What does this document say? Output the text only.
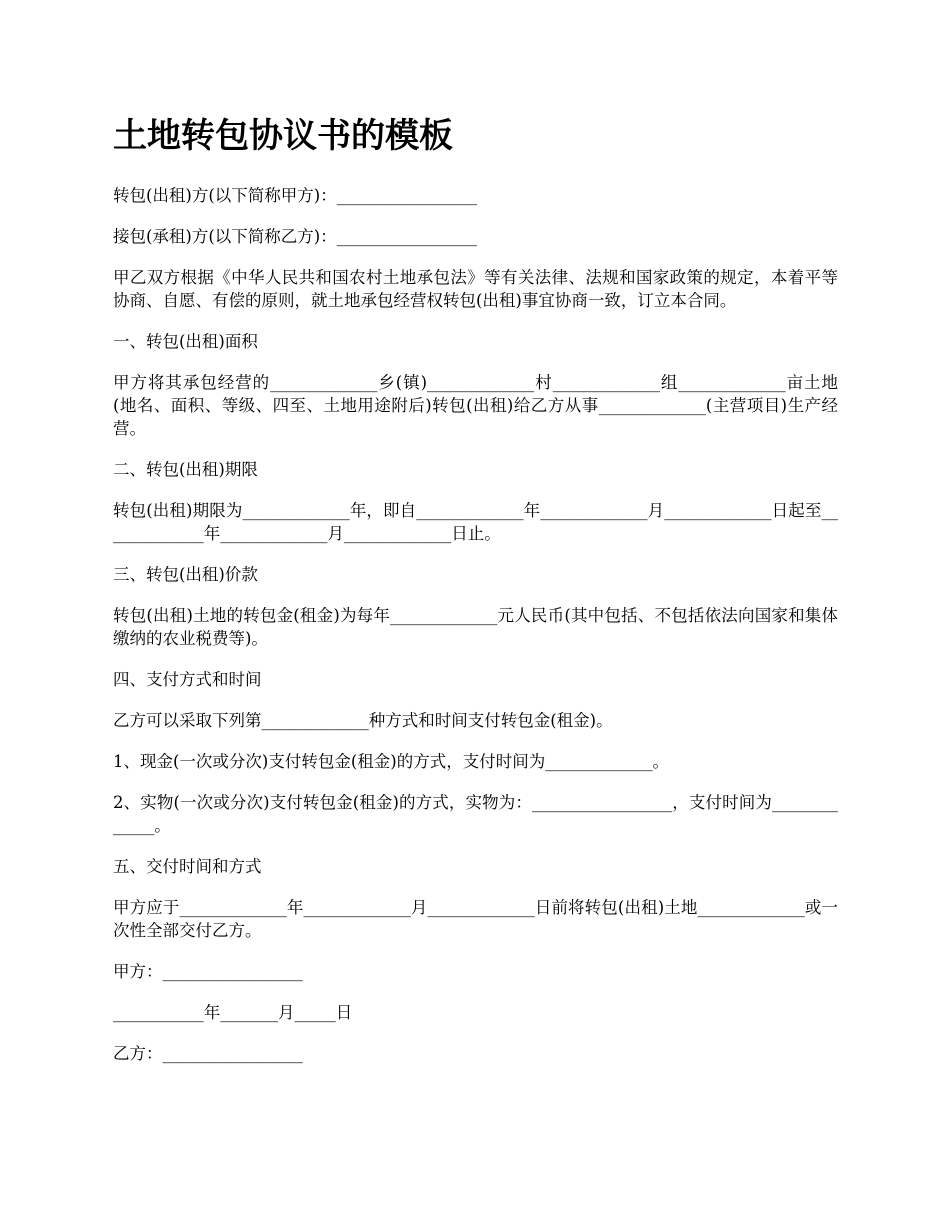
土地转包协议书的模板

转包(出租)方(以下简称甲方)：_________________

接包(承租)方(以下简称乙方)：_________________

甲乙双方根据《中华人民共和国农村土地承包法》等有关法律、法规和国家政策的规定，本着平等协商、自愿、有偿的原则，就土地承包经营权转包(出租)事宜协商一致，订立本合同。

一、转包(出租)面积

甲方将其承包经营的_____________乡(镇)_____________村_____________组_____________亩土地(地名、面积、等级、四至、土地用途附后)转包(出租)给乙方从事_____________(主营项目)生产经营。

二、转包(出租)期限

转包(出租)期限为_____________年，即自_____________年_____________月_____________日起至_____________年_____________月_____________日止。

三、转包(出租)价款

转包(出租)土地的转包金(租金)为每年_____________元人民币(其中包括、不包括依法向国家和集体缴纳的农业税费等)。

四、支付方式和时间

乙方可以采取下列第_____________种方式和时间支付转包金(租金)。

1、现金(一次或分次)支付转包金(租金)的方式，支付时间为_____________。

2、实物(一次或分次)支付转包金(租金)的方式，实物为：_________________，支付时间为_____________。

五、交付时间和方式

甲方应于_____________年_____________月_____________日前将转包(出租)土地_____________或一次性全部交付乙方。

甲方：_________________

___________年_______月_____日

乙方：_________________
